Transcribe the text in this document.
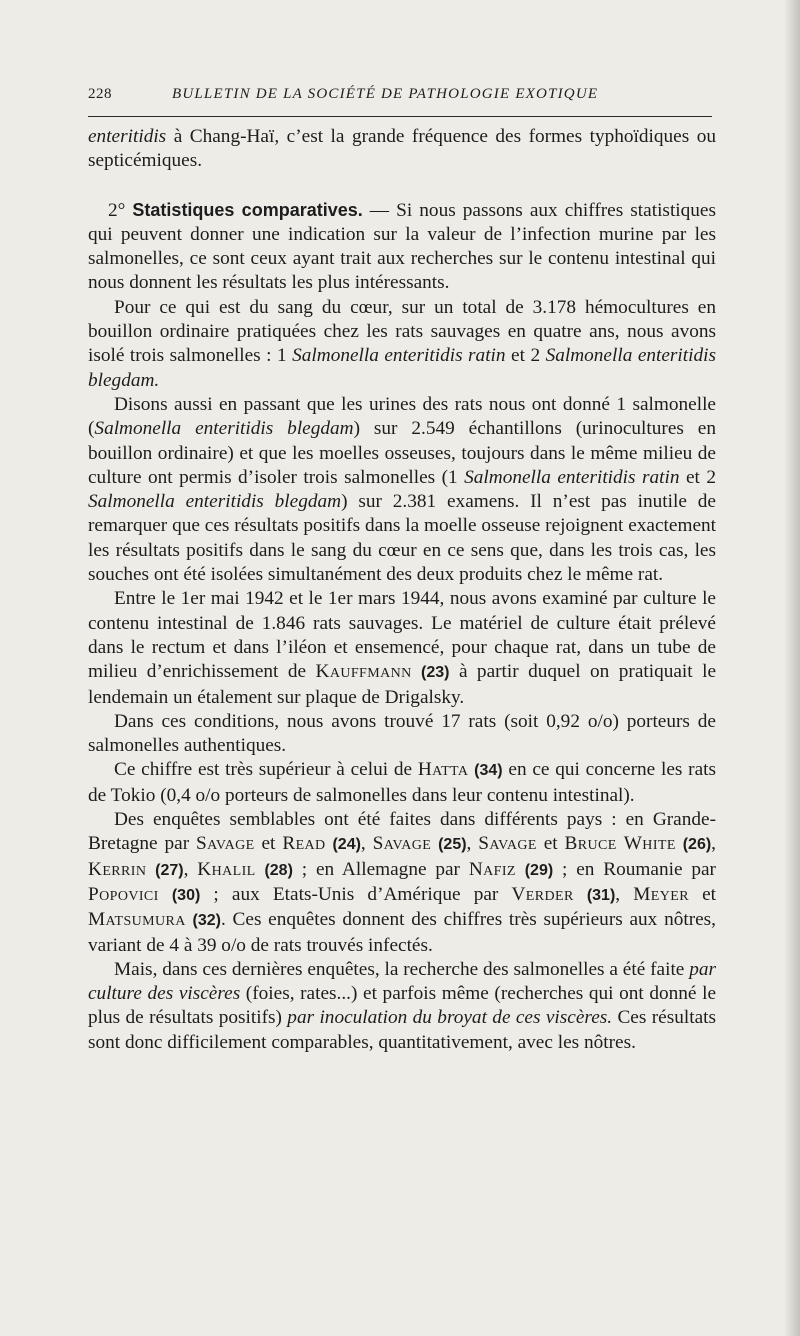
228	BULLETIN DE LA SOCIÉTÉ DE PATHOLOGIE EXOTIQUE

enteritidis à Chang-Haï, c’est la grande fréquence des formes typhoïdiques ou septicémiques.

2° Statistiques comparatives. — Si nous passons aux chiffres statistiques qui peuvent donner une indication sur la valeur de l’infection murine par les salmonelles, ce sont ceux ayant trait aux recherches sur le contenu intestinal qui nous donnent les résultats les plus intéressants.

Pour ce qui est du sang du cœur, sur un total de 3.178 hémocultures en bouillon ordinaire pratiquées chez les rats sauvages en quatre ans, nous avons isolé trois salmonelles : 1 Salmonella enteritidis ratin et 2 Salmonella enteritidis blegdam.

Disons aussi en passant que les urines des rats nous ont donné 1 salmonelle (Salmonella enteritidis blegdam) sur 2.549 échantillons (urinocultures en bouillon ordinaire) et que les moelles osseuses, toujours dans le même milieu de culture ont permis d’isoler trois salmonelles (1 Salmonella enteritidis ratin et 2 Salmonella enteritidis blegdam) sur 2.381 examens. Il n’est pas inutile de remarquer que ces résultats positifs dans la moelle osseuse rejoignent exactement les résultats positifs dans le sang du cœur en ce sens que, dans les trois cas, les souches ont été isolées simultanément des deux produits chez le même rat.

Entre le 1er mai 1942 et le 1er mars 1944, nous avons examiné par culture le contenu intestinal de 1.846 rats sauvages. Le matériel de culture était prélevé dans le rectum et dans l’iléon et ensemencé, pour chaque rat, dans un tube de milieu d’enrichissement de Kauffmann (23) à partir duquel on pratiquait le lendemain un étalement sur plaque de Drigalsky.

Dans ces conditions, nous avons trouvé 17 rats (soit 0,92 o/o) porteurs de salmonelles authentiques.

Ce chiffre est très supérieur à celui de Hatta (34) en ce qui concerne les rats de Tokio (0,4 o/o porteurs de salmonelles dans leur contenu intestinal).

Des enquêtes semblables ont été faites dans différents pays : en Grande-Bretagne par Savage et Read (24), Savage (25), Savage et Bruce White (26), Kerrin (27), Khalil (28) ; en Allemagne par Nafiz (29) ; en Roumanie par Popovici (30) ; aux Etats-Unis d’Amérique par Verder (31), Meyer et Matsumura (32). Ces enquêtes donnent des chiffres très supérieurs aux nôtres, variant de 4 à 39 o/o de rats trouvés infectés.

Mais, dans ces dernières enquêtes, la recherche des salmonelles a été faite par culture des viscères (foies, rates...) et parfois même (recherches qui ont donné le plus de résultats positifs) par inoculation du broyat de ces viscères. Ces résultats sont donc difficilement comparables, quantitativement, avec les nôtres.
